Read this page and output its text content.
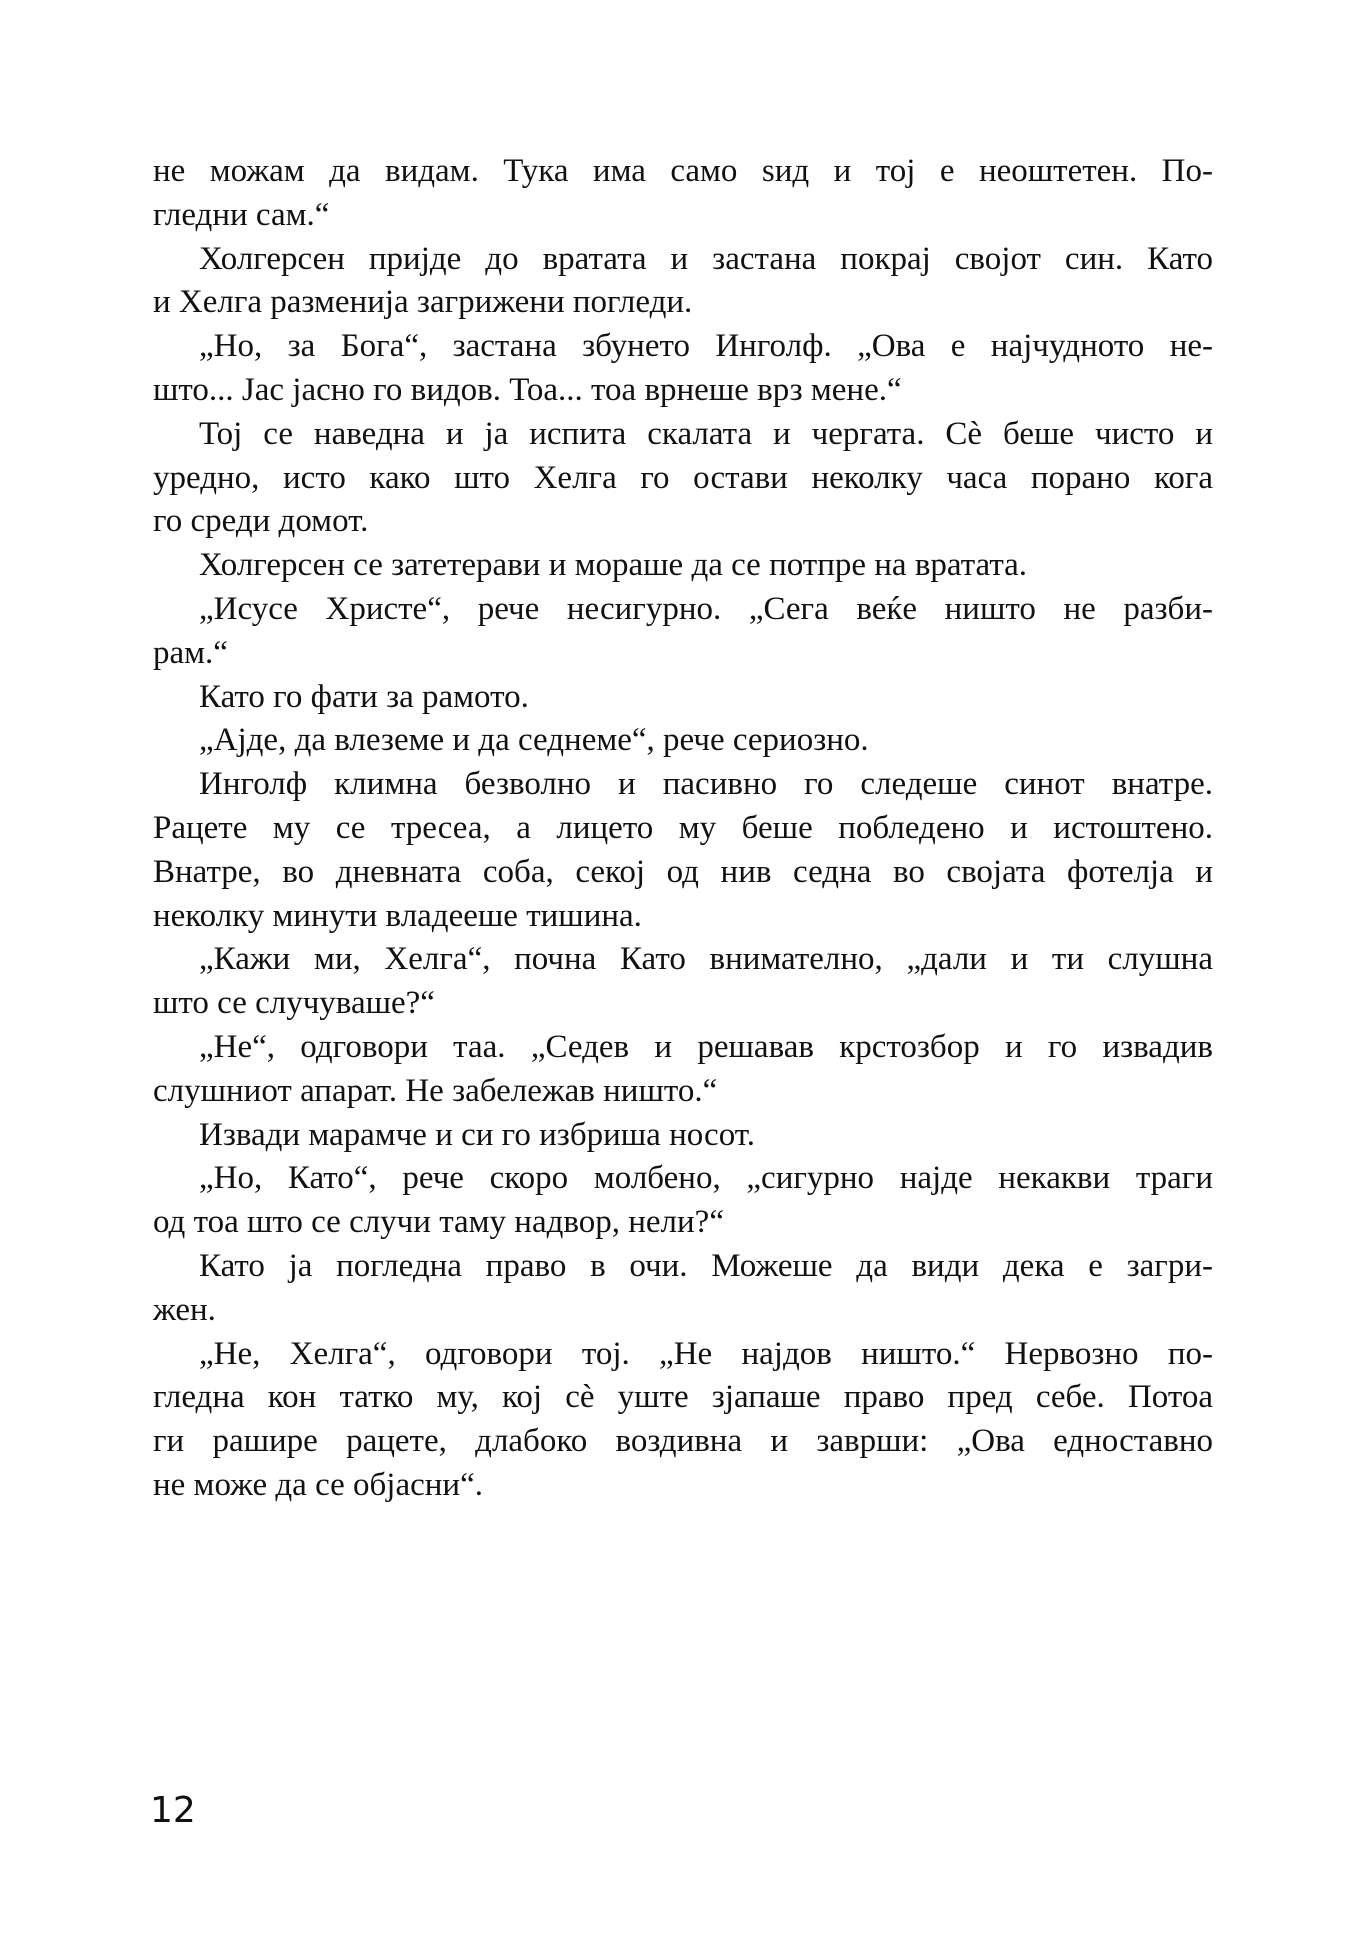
не можам да видам. Тука има само ѕид и тој е неоштетен. По-
гледни сам.“
Холгерсен пријде до вратата и застана покрај својот син. Като
и Хелга разменија загрижени погледи.
„Но, за Бога“, застана збунето Инголф. „Ова е најчудното не-
што... Јас јасно го видов. Тоа... тоа врнеше врз мене.“
Тој се наведна и ја испита скалата и чергата. Сè беше чисто и
уредно, исто како што Хелга го остави неколку часа порано кога
го среди домот.
Холгерсен се затетерави и мораше да се потпре на вратата.
„Исусе Христе“, рече несигурно. „Сега веќе ништо не разби-
рам.“
Като го фати за рамото.
„Ајде, да влеземе и да седнеме“, рече сериозно.
Инголф климна безволно и пасивно го следеше синот внатре.
Рацете му се тресеа, а лицето му беше побледено и истоштено.
Внатре, во дневната соба, секој од нив седна во својата фотелја и
неколку минути владееше тишина.
„Кажи ми, Хелга“, почна Като внимателно, „дали и ти слушна
што се случуваше?“
„Не“, одговори таа. „Седев и решавав крстозбор и го извадив
слушниот апарат. Не забележав ништо.“
Извади марамче и си го избриша носот.
„Но, Като“, рече скоро молбено, „сигурно најде некакви траги
од тоа што се случи таму надвор, нели?“
Като ја погледна право в очи. Можеше да види дека е загри-
жен.
„Не, Хелга“, одговори тој. „Не најдов ништо.“ Нервозно по-
гледна кон татко му, кој сè уште зјапаше право пред себе. Потоа
ги рашире рацете, длабоко воздивна и заврши: „Ова едноставно
не може да се објасни“.
12
